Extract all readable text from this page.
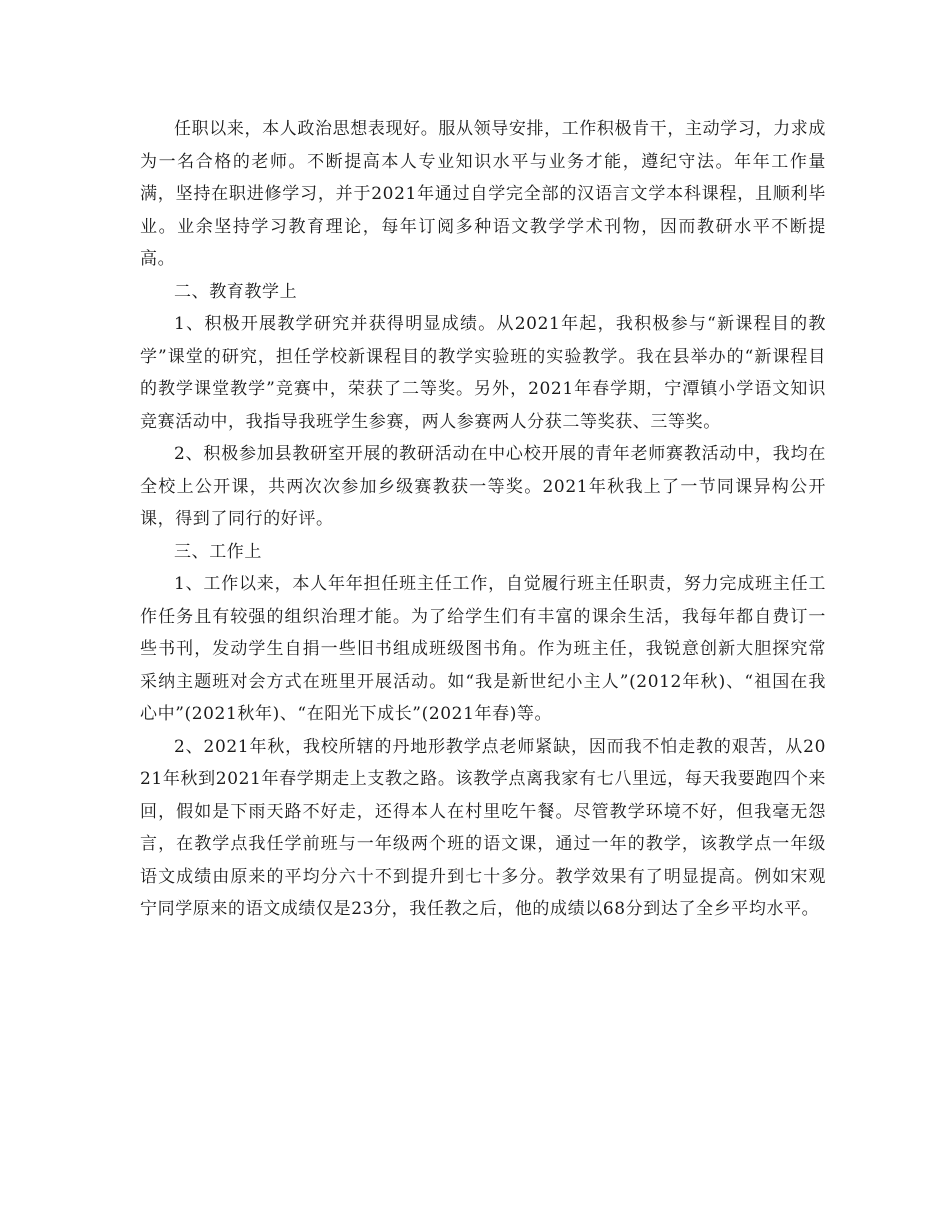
任职以来，本人政治思想表现好。服从领导安排，工作积极肯干，主动学习，力求成为一名合格的老师。不断提高本人专业知识水平与业务才能，遵纪守法。年年工作量满，坚持在职进修学习，并于2021年通过自学完全部的汉语言文学本科课程，且顺利毕业。业余坚持学习教育理论，每年订阅多种语文教学学术刊物，因而教研水平不断提高。

二、教育教学上

1、积极开展教学研究并获得明显成绩。从2021年起，我积极参与“新课程目的教学”课堂的研究，担任学校新课程目的教学实验班的实验教学。我在县举办的“新课程目的教学课堂教学”竞赛中，荣获了二等奖。另外，2021年春学期，宁潭镇小学语文知识竞赛活动中，我指导我班学生参赛，两人参赛两人分获二等奖获、三等奖。

2、积极参加县教研室开展的教研活动在中心校开展的青年老师赛教活动中，我均在全校上公开课，共两次次参加乡级赛教获一等奖。2021年秋我上了一节同课异构公开课，得到了同行的好评。

三、工作上

1、工作以来，本人年年担任班主任工作，自觉履行班主任职责，努力完成班主任工作任务且有较强的组织治理才能。为了给学生们有丰富的课余生活，我每年都自费订一些书刊，发动学生自捐一些旧书组成班级图书角。作为班主任，我锐意创新大胆探究常采纳主题班对会方式在班里开展活动。如“我是新世纪小主人”(2012年秋)、“祖国在我心中”(2021秋年)、“在阳光下成长”(2021年春)等。

2、2021年秋，我校所辖的丹地形教学点老师紧缺，因而我不怕走教的艰苦，从2021年秋到2021年春学期走上支教之路。该教学点离我家有七八里远，每天我要跑四个来回，假如是下雨天路不好走，还得本人在村里吃午餐。尽管教学环境不好，但我毫无怨言，在教学点我任学前班与一年级两个班的语文课，通过一年的教学，该教学点一年级语文成绩由原来的平均分六十不到提升到七十多分。教学效果有了明显提高。例如宋观宁同学原来的语文成绩仅是23分，我任教之后，他的成绩以68分到达了全乡平均水平。
